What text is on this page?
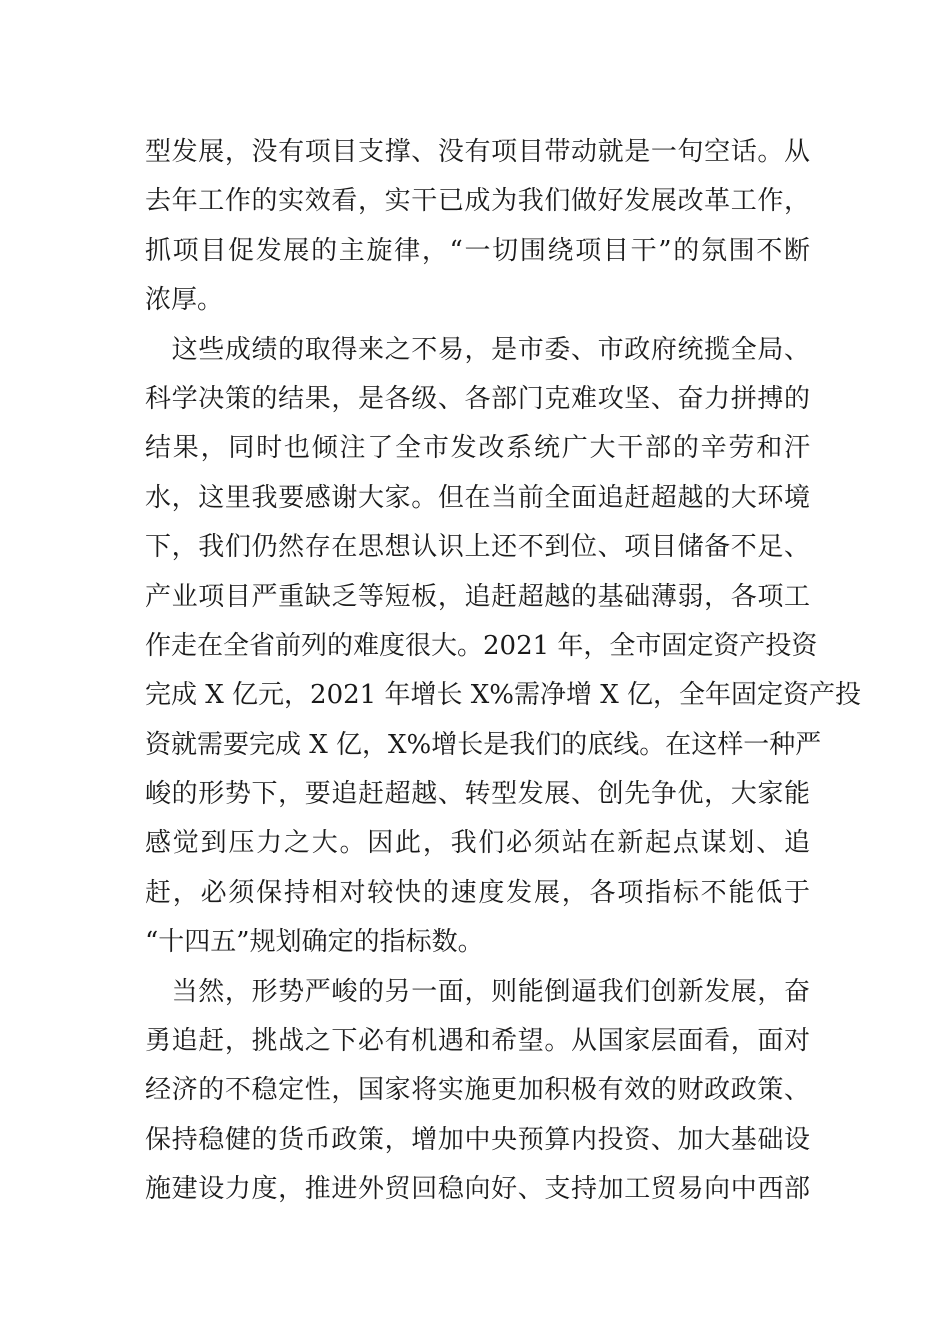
型发展，没有项目支撑、没有项目带动就是一句空话。从
去年工作的实效看，实干已成为我们做好发展改革工作，
抓项目促发展的主旋律，“一切围绕项目干”的氛围不断
浓厚。
　这些成绩的取得来之不易，是市委、市政府统揽全局、
科学决策的结果，是各级、各部门克难攻坚、奋力拼搏的
结果，同时也倾注了全市发改系统广大干部的辛劳和汗
水，这里我要感谢大家。但在当前全面追赶超越的大环境
下，我们仍然存在思想认识上还不到位、项目储备不足、
产业项目严重缺乏等短板，追赶超越的基础薄弱，各项工
作走在全省前列的难度很大。2021 年，全市固定资产投资
完成 X 亿元，2021 年增长 X%需净增 X 亿，全年固定资产投
资就需要完成 X 亿，X%增长是我们的底线。在这样一种严
峻的形势下，要追赶超越、转型发展、创先争优，大家能
感觉到压力之大。因此，我们必须站在新起点谋划、追
赶，必须保持相对较快的速度发展，各项指标不能低于
“十四五”规划确定的指标数。
　当然，形势严峻的另一面，则能倒逼我们创新发展，奋
勇追赶，挑战之下必有机遇和希望。从国家层面看，面对
经济的不稳定性，国家将实施更加积极有效的财政政策、
保持稳健的货币政策，增加中央预算内投资、加大基础设
施建设力度，推进外贸回稳向好、支持加工贸易向中西部
